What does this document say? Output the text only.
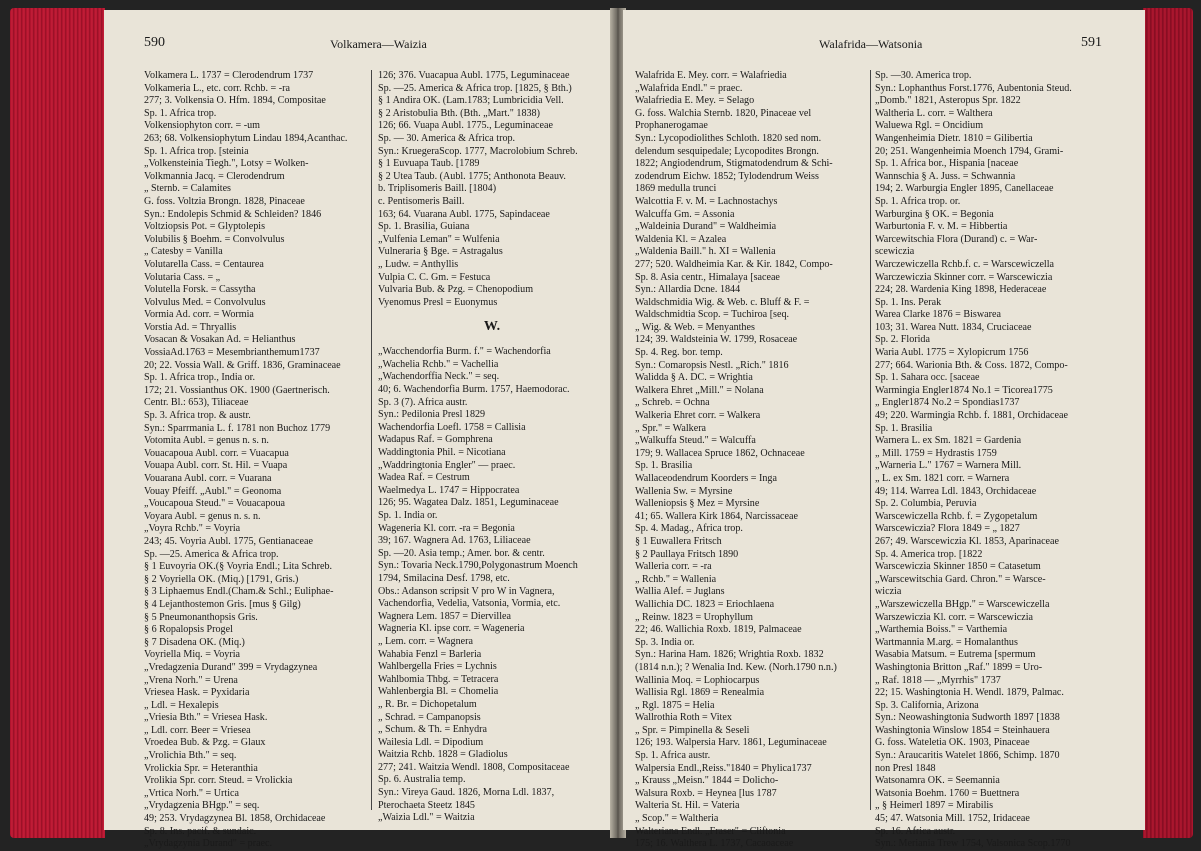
590	Volkamera—Waizia
Volkamera L. 1737 = Clerodendrum 1737
Volkameria L., etc. corr. Rchb. = -ra
277; 3. Volkensia O. Hfm. 1894, Compositae
Sp. 1. Africa trop.
Volkensiophyton corr. = -um
263; 68. Volkensiophytum Lindau 1894,Acanthac.
Sp. 1. Africa trop. [steinia
„Volkensteinia Tiegh.", Lotsy = Wolken-
Volkmannia Jacq. = Clerodendrum
„ Sternb. = Calamites
G. foss. Voltzia Brongn. 1828, Pinaceae
Syn.: Endolepis Schmid & Schleiden? 1846
Voltziopsis Pot. = Glyptolepis
Volubilis § Boehm. = Convolvulus
„ Catesby = Vanilla
Volutarella Cass. = Centaurea
Volutaria Cass. = „
Volutella Forsk. = Cassytha
Volvulus Med. = Convolvulus
Vormia Ad. corr. = Wormia
Vorstia Ad. = Thryallis
Vosacan & Vosakan Ad. = Helianthus
VossiaAd.1763 = Mesembrianthemum1737
20; 22. Vossia Wall. & Griff. 1836, Graminaceae
Sp. 1. Africa trop., India or.
172; 21. Vossianthus OK. 1900 (Gaertnerisch.
Centr. Bl.: 653), Tiliaceae
Sp. 3. Africa trop. & austr.
Syn.: Sparrmania L. f. 1781 non Buchoz 1779
Votomita Aubl. = genus n. s. n.
Vouacapoua Aubl. corr. = Vuacapua
Vouapa Aubl. corr. St. Hil. = Vuapa
Vouarana Aubl. corr. = Vuarana
Vouay Pfeiff. „Aubl." = Geonoma
„Voucapoua Steud." = Vouacapoua
Voyara Aubl. = genus n. s. n.
„Voyra Rchb." = Voyria
243; 45. Voyria Aubl. 1775, Gentianaceae
Sp. —25. America & Africa trop.
§ 1 Euvoyria OK.(§ Voyria Endl.; Lita Schreb.
§ 2 Voyriella OK. (Miq.) [1791, Gris.)
§ 3 Liphaemus Endl.(Cham.& Schl.; Euliphae-
§ 4 Lejanthostemon Gris. [mus § Gilg)
§ 5 Pneumonanthopsis Gris.
§ 6 Ropalopsis Progel
§ 7 Disadena OK. (Miq.)
Voyriella Miq. = Voyria
„Vredagzenia Durand" 399 = Vrydagzynea
„Vrena Norh." = Urena
Vriesea Hask. = Pyxidaria
„ Ldl. = Hexalepis
„Vriesia Bth." = Vriesea Hask.
„ Ldl. corr. Beer = Vriesea
Vroedea Bub. & Pzg. = Glaux
„Vrolichia Bth." = seq.
Vrolickia Spr. = Heteranthia
Vrolikia Spr. corr. Steud. = Vrolickia
„Vrtica Norh." = Urtica
„Vrydagzenia BHgp." = seq.
49; 253. Vrydagzynea Bl. 1858, Orchidaceae
Sp. 8. Ins. pacif. & sundaic.
„Vrydagzynia Durand" = praec.
126; 376. Vuacapua Aubl. 1775, Leguminaceae
Sp. —25. America & Africa trop. [1825, § Bth.)
§ 1 Andira OK. (Lam.1783; Lumbricidia Vell.
§ 2 Aristobulia Bth. (Bth. „Mart." 1838)
126; 66. Vuapa Aubl. 1775., Leguminaceae
Sp. — 30. America & Africa trop.
Syn.: KruegeraScop. 1777, Macrolobium Schreb.
§ 1 Euvuapa Taub. [1789
§ 2 Utea Taub. (Aubl. 1775; Anthonota Beauv.
b. Triplisomeris Baill. [1804)
c. Pentisomeris Baill.
163; 64. Vuarana Aubl. 1775, Sapindaceae
Sp. 1. Brasilia, Guiana
„Vulfenia Leman" = Wulfenia
Vulneraria § Bge. = Astragalus
„ Ludw. = Anthyllis
Vulpia C. C. Gm. = Festuca
Vulvaria Bub. & Pzg. = Chenopodium
Vyenomus Presl = Euonymus
W.
„Wacchendorfia Burm. f." = Wachendorfia
„Wachelia Rchb." = Vachellia
„Wachendorffia Neck." = seq.
40; 6. Wachendorfia Burm. 1757, Haemodorac.
Sp. 3 (7). Africa austr.
Syn.: Pedilonia Presl 1829
Wachendorfia Loefl. 1758 = Callisia
Wadapus Raf. = Gomphrena
Waddingtonia Phil. = Nicotiana
„Waddringtonia Engler" — praec.
Wadea Raf. = Cestrum
Waelmedya L. 1747 = Hippocratea
126; 95. Wagatea Dalz. 1851, Leguminaceae
Sp. 1. India or.
Wageneria Kl. corr. -ra = Begonia
39; 167. Wagnera Ad. 1763, Liliaceae
Sp. —20. Asia temp.; Amer. bor. & centr.
Syn.: Tovaria Neck.1790,Polygonastrum Moench
1794, Smilacina Desf. 1798, etc.
Obs.: Adanson scripsit V pro W in Vagnera,
Vachendorfia, Vedelia, Vatsonia, Vormia, etc.
Wagnera Lem. 1857 = Diervillea
Wagneria Kl. ipse corr. = Wageneria
„ Lem. corr. = Wagnera
Wahabia Fenzl = Barleria
Wahlbergella Fries = Lychnis
Wahlbomia Thbg. = Tetracera
Wahlenbergia Bl. = Chomelia
„ R. Br. = Dichopetalum
„ Schrad. = Campanopsis
„ Schum. & Th. = Enhydra
Wailesia Ldl. = Dipodium
Waitzia Rchb. 1828 = Gladiolus
277; 241. Waitzia Wendl. 1808, Compositaceae
Sp. 6. Australia temp.
Syn.: Vireya Gaud. 1826, Morna Ldl. 1837,
Pterochaeta Steetz 1845
„Waizia Ldl." = Waitzia
591
Walafrida—Watsonia
Walafrida E. Mey. corr. = Walafriedia
„Walafrida Endl." = praec.
Walafriedia E. Mey. = Selago
G. foss. Walchia Sternb. 1820, Pinaceae vel
Prophanerogamae
Syn.: Lycopodiolithes Schloth. 1820 sed nom.
delendum sesquipedale; Lycopodites Brongn.
1822; Angiodendrum, Stigmatodendrum & Schi-
zodendrum Eichw. 1852; Tylodendrum Weiss
1869 medulla trunci
Walcottia F. v. M. = Lachnostachys
Walcuffa Gm. = Assonia
„Waldeinia Durand" = Waldheimia
Waldenia Kl. = Azalea
„Waldenia Baill." h. XI = Wallenia
277; 520. Waldheimia Kar. & Kir. 1842, Compo-
Sp. 8. Asia centr., Himalaya [saceae
Syn.: Allardia Dcne. 1844
Waldschmidia Wig. & Web. c. Bluff & F. =
Waldschmidtia Scop. = Tuchiroa [seq.
„ Wig. & Web. = Menyanthes
124; 39. Waldsteinia W. 1799, Rosaceae
Sp. 4. Reg. bor. temp.
Syn.: Comaropsis Nestl. „Rich." 1816
Walidda § A. DC. = Wrightia
Walkera Ehret „Mill." = Nolana
„ Schreb. = Ochna
Walkeria Ehret corr. = Walkera
„ Spr." = Walkera
„Walkuffa Steud." = Walcuffa
179; 9. Wallacea Spruce 1862, Ochnaceae
Sp. 1. Brasilia
Wallaceodendrum Koorders = Inga
Wallenia Sw. = Myrsine
Walleniopsis § Mez = Myrsine
41; 65. Wallera Kirk 1864, Narcissaceae
Sp. 4. Madag., Africa trop.
§ 1 Euwallera Fritsch
§ 2 Paullaya Fritsch 1890
Walleria corr. = -ra
„ Rchb." = Wallenia
Wallia Alef. = Juglans
Wallichia DC. 1823 = Eriochlaena
„ Reinw. 1823 = Urophyllum
22; 46. Wallichia Roxb. 1819, Palmaceae
Sp. 3. India or.
Syn.: Harina Ham. 1826; Wrightia Roxb. 1832
(1814 n.n.); ? Wenalia Ind. Kew. (Norh.1790 n.n.)
Wallinia Moq. = Lophiocarpus
Wallisia Rgl. 1869 = Renealmia
„ Rgl. 1875 = Helia
Wallrothia Roth = Vitex
„ Spr. = Pimpinella & Seseli
126; 193. Walpersia Harv. 1861, Leguminaceae
Sp. 1. Africa austr.
Walpersia Endl.,Reiss."1840 = Phylica1737
„ Krauss „Meisn." 1844 = Dolicho-
Walsura Roxb. = Heynea [lus 1787
Walteria St. Hil. = Vateria
„ Scop." = Waltheria
Walteriana Endl. „Fraser" = Cliftonia
175; 16. Walthera L. 1737, Cacaoaceae
Sp. —30. America trop.
Syn.: Lophanthus Forst.1776, Aubentonia Steud.
„Domb." 1821, Asteropus Spr. 1822
Waltheria L. corr. = Walthera
Waluewa Rgl. = Oncidium
Wangenheimia Dietr. 1810 = Gilibertia
20; 251. Wangenheimia Moench 1794, Grami-
Sp. 1. Africa bor., Hispania [naceae
Wannschia § A. Juss. = Schwannia
194; 2. Warburgia Engler 1895, Canellaceae
Sp. 1. Africa trop. or.
Warburgina § OK. = Begonia
Warburtonia F. v. M. = Hibbertia
Warcewitschia Flora (Durand) c. = War-
scewiczia
Warczewiczella Rchb.f. c. = Warscewiczella
Warczewiczia Skinner corr. = Warscewiczia
224; 28. Wardenia King 1898, Hederaceae
Sp. 1. Ins. Perak
Warea Clarke 1876 = Biswarea
103; 31. Warea Nutt. 1834, Cruciaceae
Sp. 2. Florida
Waria Aubl. 1775 = Xylopicrum 1756
277; 664. Warionia Bth. & Coss. 1872, Compo-
Sp. 1. Sahara occ. [saceae
Warmingia Engler1874 No.1 = Ticorea1775
„ Engler1874 No.2 = Spondias1737
49; 220. Warmingia Rchb. f. 1881, Orchidaceae
Sp. 1. Brasilia
Warnera L. ex Sm. 1821 = Gardenia
„ Mill. 1759 = Hydrastis 1759
„Warneria L." 1767 = Warnera Mill.
„ L. ex Sm. 1821 corr. = Warnera
49; 114. Warrea Ldl. 1843, Orchidaceae
Sp. 2. Columbia, Peruvia
Warscewiczella Rchb. f. = Zygopetalum
Warscewiczia? Flora 1849 = „ 1827
267; 49. Warscewiczia Kl. 1853, Aparinaceae
Sp. 4. America trop. [1822
Warscewiczia Skinner 1850 = Catasetum
„Warscewitschia Gard. Chron." = Warsce-
wiczia
„Warszewiczella BHgp." = Warscewiczella
Warszewiczia Kl. corr. = Warscewiczia
„Warthemia Boiss." = Varthemia
Wartmannia M.arg. = Homalanthus
Wasabia Matsum. = Eutrema [spermum
Washingtonia Britton „Raf." 1899 = Uro-
„ Raf. 1818 — „Myrrhis" 1737
22; 15. Washingtonia H. Wendl. 1879, Palmac.
Sp. 3. California, Arizona
Syn.: Neowashingtonia Sudworth 1897 [1838
Washingtonia Winslow 1854 = Steinhauera
G. foss. Wateletia OK. 1903, Pinaceae
Syn.: Araucaritis Watelet 1866, Schimp. 1870
non Presl 1848
Watsonamra OK. = Seemannia
Watsonia Boehm. 1760 = Buettnera
„ § Heimerl 1897 = Mirabilis
45; 47. Watsonia Mill. 1752, Iridaceae
Sp. 16. Africa austr.
Syn.: Meriania Trew 1754, Valsonica Scop.1770
